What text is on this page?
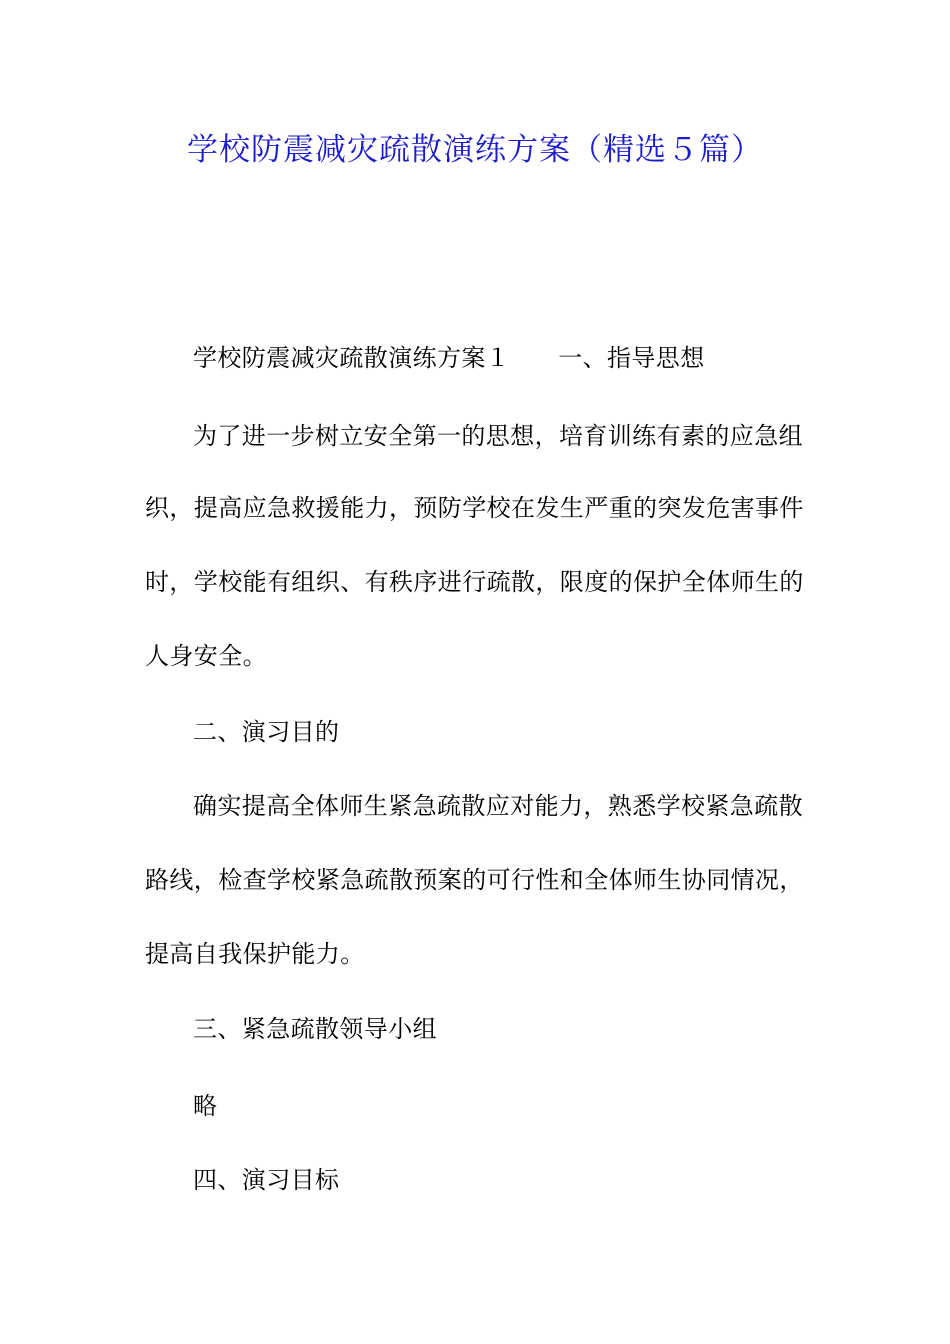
学校防震减灾疏散演练方案（精选５篇）
学校防震减灾疏散演练方案１ 一、指导思想
为了进一步树立安全第一的思想，培育训练有素的应急组
织，提高应急救援能力，预防学校在发生严重的突发危害事件
时，学校能有组织、有秩序进行疏散，限度的保护全体师生的
人身安全。
二、演习目的
确实提高全体师生紧急疏散应对能力，熟悉学校紧急疏散
路线，检查学校紧急疏散预案的可行性和全体师生协同情况，
提高自我保护能力。
三、紧急疏散领导小组
略
四、演习目标
